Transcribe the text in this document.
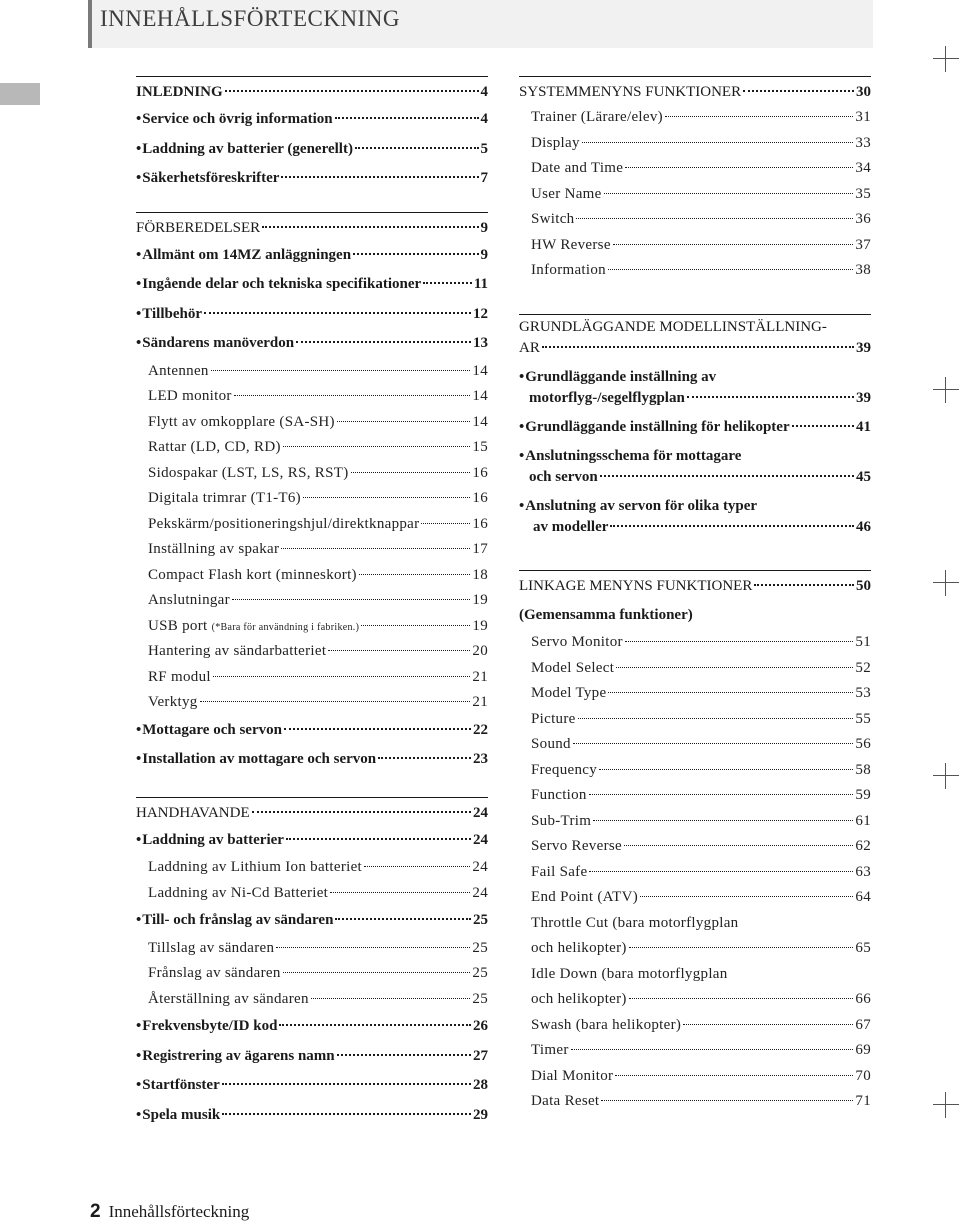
INNEHÅLLSFÖRTECKNING
INLEDNING	4
• Service och övrig information	4
• Laddning av batterier (generellt)	5
• Säkerhetsföreskrifter	7
FÖRBEREDELSER	9
• Allmänt om 14MZ anläggningen	9
• Ingående delar och tekniska specifikationer	11
• Tillbehör	12
• Sändarens manöverdon	13
Antennen	14
LED monitor	14
Flytt av omkopplare (SA-SH)	14
Rattar (LD, CD, RD)	15
Sidospakar (LST, LS, RS, RST)	16
Digitala trimrar (T1-T6)	16
Pekskärm/positioneringshjul/direktknappar	16
Inställning av spakar	17
Compact Flash kort (minneskort)	18
Anslutningar	19
USB port (*Bara för användning i fabriken.)	19
Hantering av sändarbatteriet	20
RF modul	21
Verktyg	21
• Mottagare och servon	22
• Installation av mottagare och servon	23
HANDHAVANDE	24
• Laddning av batterier	24
Laddning av Lithium Ion batteriet	24
Laddning av Ni-Cd Batteriet	24
• Till- och frånslag av sändaren	25
Tillslag av sändaren	25
Frånslag av sändaren	25
Återställning av sändaren	25
• Frekvensbyte/ID kod	26
• Registrering av ägarens namn	27
• Startfönster	28
• Spela musik	29
SYSTEMMENYNS FUNKTIONER	30
Trainer (Lärare/elev)	31
Display	33
Date and Time	34
User Name	35
Switch	36
HW Reverse	37
Information	38
GRUNDLÄGGANDE MODELLINSTÄLLNING-
AR	39
• Grundläggande inställning av
motorflyg-/segelflygplan	39
• Grundläggande inställning för helikopter	41
• Anslutningsschema för mottagare
och servon	45
• Anslutning av servon för olika typer
av modeller	46
LINKAGE MENYNS FUNKTIONER	50
(Gemensamma funktioner)
Servo Monitor	51
Model Select	52
Model Type	53
Picture	55
Sound	56
Frequency	58
Function	59
Sub-Trim	61
Servo Reverse	62
Fail Safe	63
End Point (ATV)	64
Throttle Cut (bara motorflygplan
och helikopter)	65
Idle Down (bara motorflygplan
och helikopter)	66
Swash (bara helikopter)	67
Timer	69
Dial Monitor	70
Data Reset	71
2 Innehållsförteckning
